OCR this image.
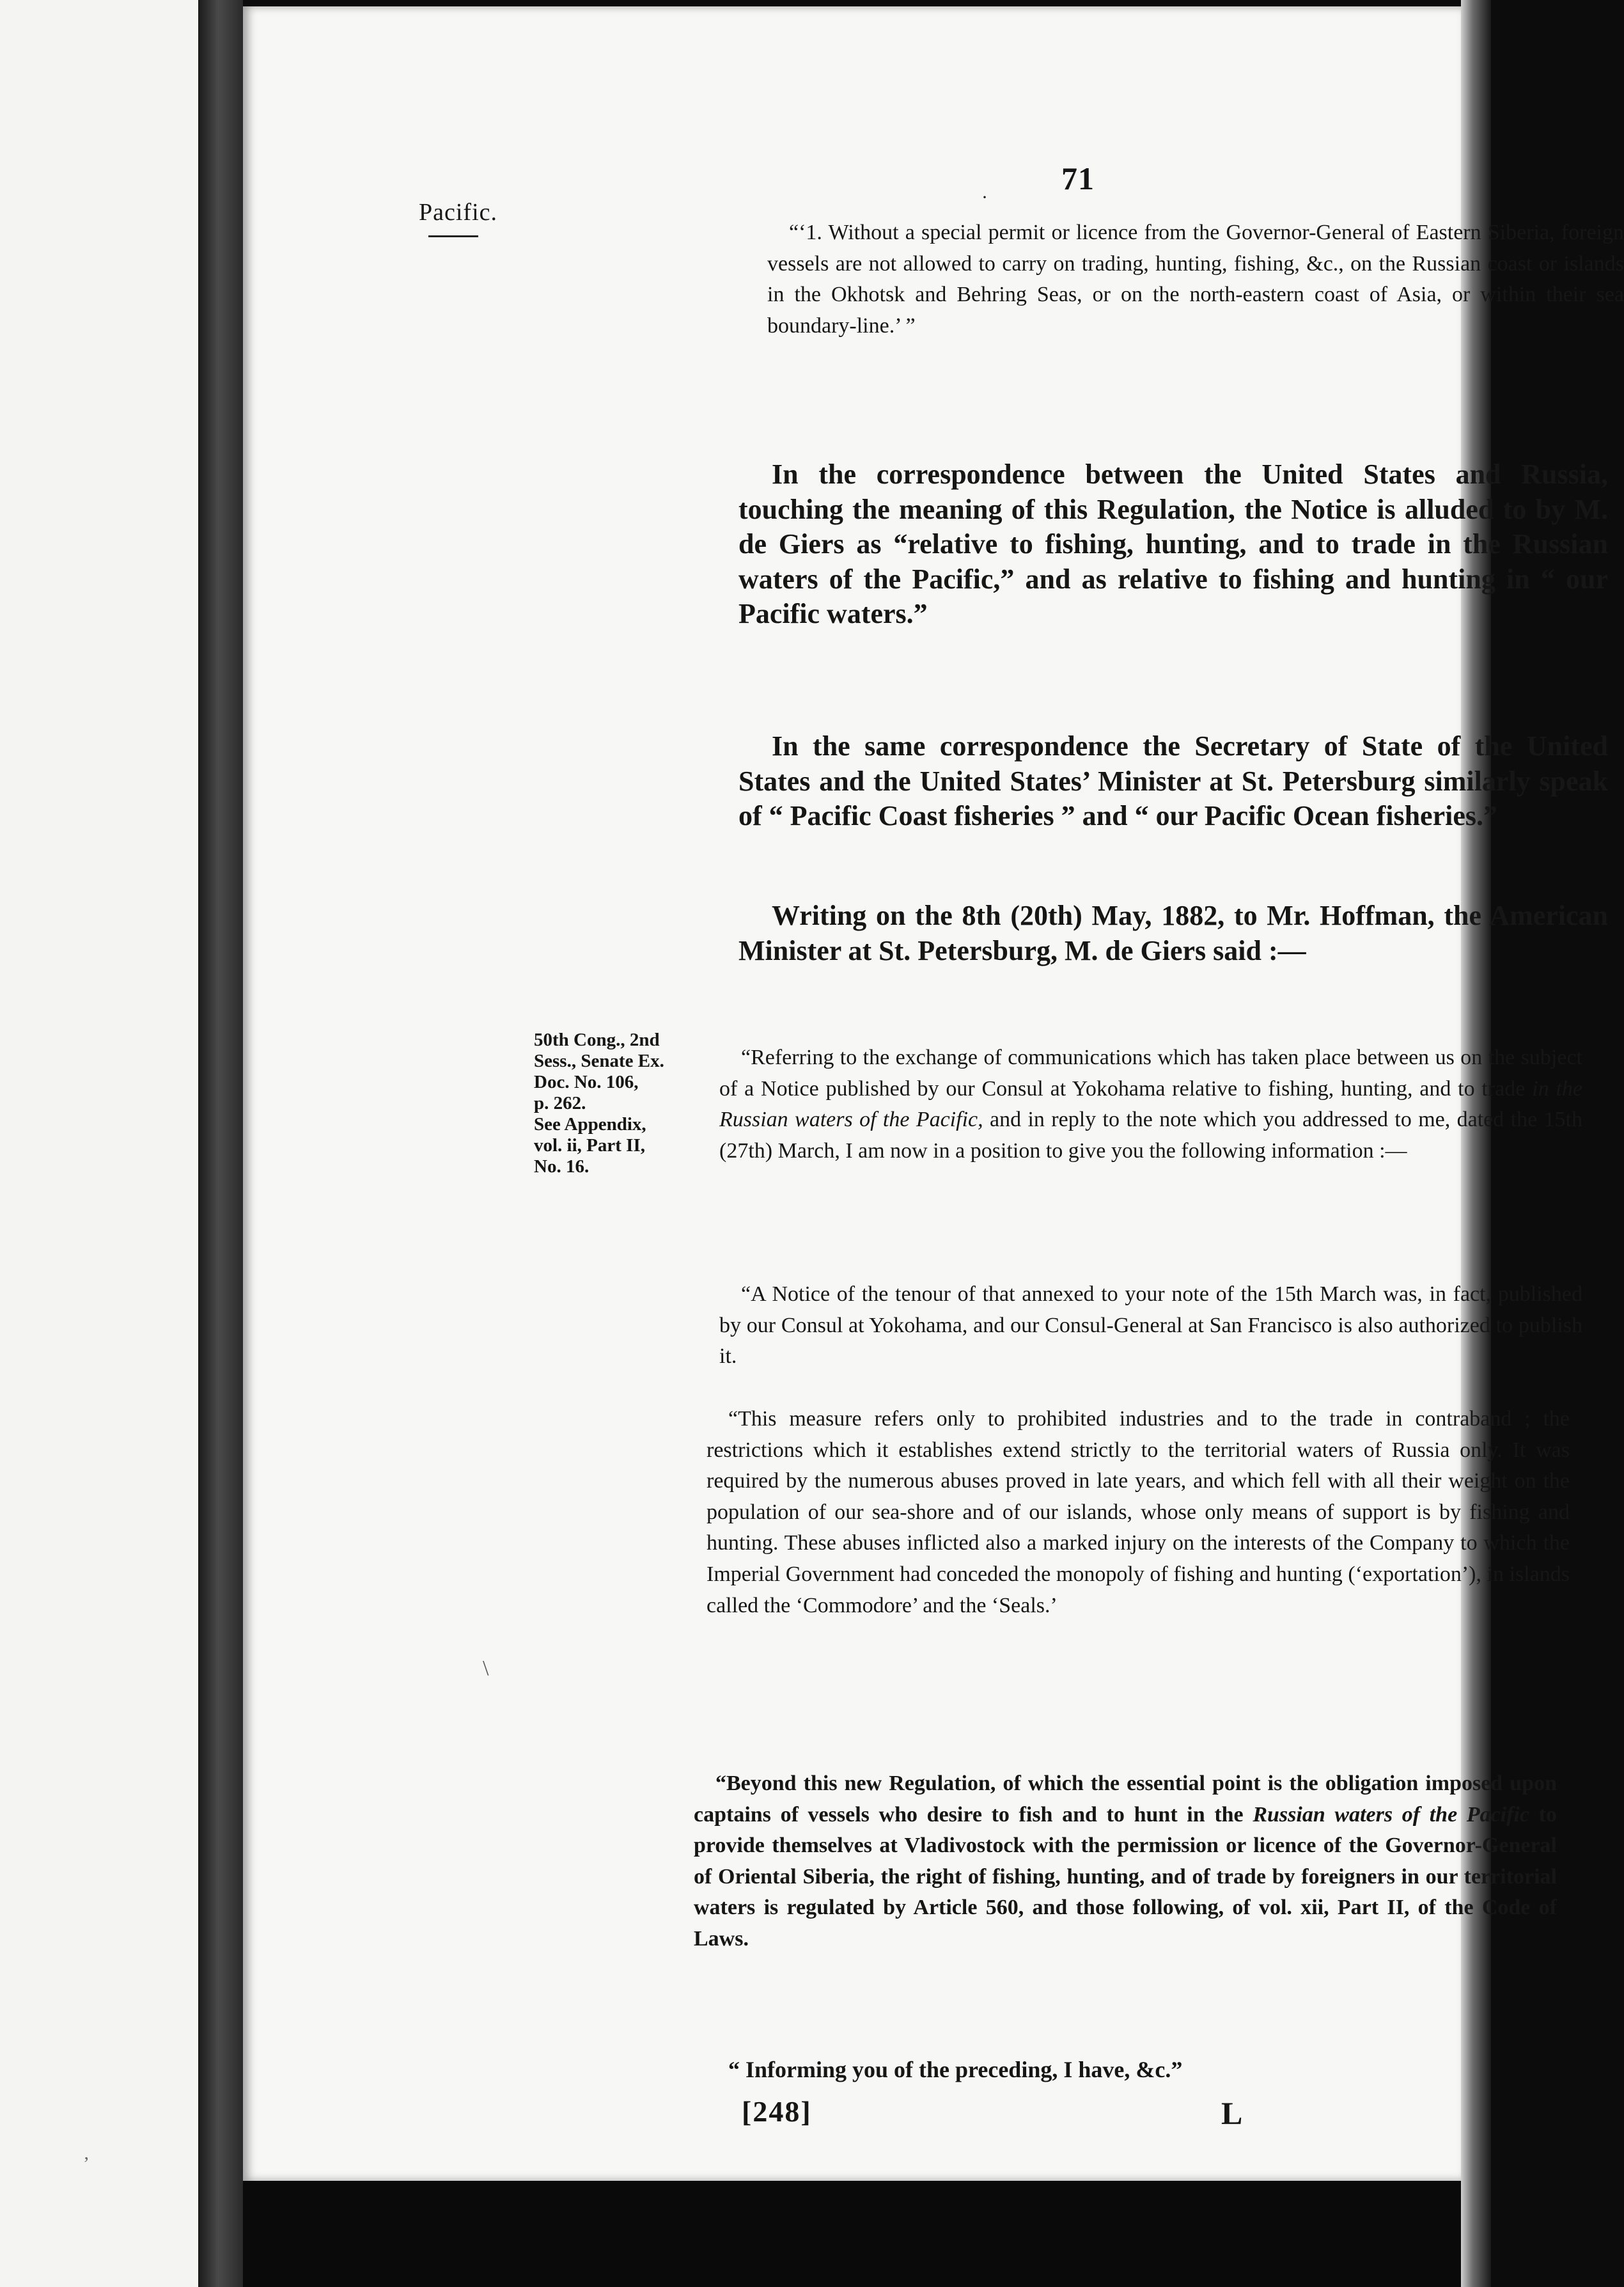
71
·
\
‚
Pacific.
50th Cong., 2nd
Sess., Senate Ex.
Doc. No. 106,
p. 262.
See Appendix,
vol. ii, Part II,
No. 16.
“‘1. Without a special permit or licence from the Governor-General of Eastern Siberia, foreign vessels are not allowed to carry on trading, hunting, fishing, &c., on the Russian coast or islands in the Okhotsk and Behring Seas, or on the north-eastern coast of Asia, or within their sea boundary-line.’ ”
In the correspondence between the United States and Russia, touching the meaning of this Regulation, the Notice is alluded to by M. de Giers as “relative to fishing, hunting, and to trade in the Russian waters of the Pacific,” and as relative to fishing and hunting in “ our Pacific waters.”
In the same correspondence the Secretary of State of the United States and the United States’ Minister at St. Petersburg similarly speak of “ Pacific Coast fisheries ” and “ our Pacific Ocean fisheries.”
Writing on the 8th (20th) May, 1882, to Mr. Hoffman, the American Minister at St. Petersburg, M. de Giers said :—
“Referring to the exchange of communications which has taken place between us on the subject of a Notice published by our Consul at Yokohama relative to fishing, hunting, and to trade in the Russian waters of the Pacific, and in reply to the note which you addressed to me, dated the 15th (27th) March, I am now in a position to give you the following information :—
“A Notice of the tenour of that annexed to your note of the 15th March was, in fact, published by our Consul at Yokohama, and our Consul-General at San Francisco is also authorized to publish it.
“This measure refers only to prohibited industries and to the trade in contraband ; the restrictions which it establishes extend strictly to the territorial waters of Russia only. It was required by the numerous abuses proved in late years, and which fell with all their weight on the population of our sea-shore and of our islands, whose only means of support is by fishing and hunting. These abuses inflicted also a marked injury on the interests of the Company to which the Imperial Government had conceded the monopoly of fishing and hunting (‘exportation’), in islands called the ‘Commodore’ and the ‘Seals.’
“Beyond this new Regulation, of which the essential point is the obligation imposed upon captains of vessels who desire to fish and to hunt in the Russian waters of the Pacific to provide themselves at Vladivostock with the permission or licence of the Governor-General of Oriental Siberia, the right of fishing, hunting, and of trade by foreigners in our territorial waters is regulated by Article 560, and those following, of vol. xii, Part II, of the Code of Laws.
“ Informing you of the preceding, I have, &c.”
[248]	L
